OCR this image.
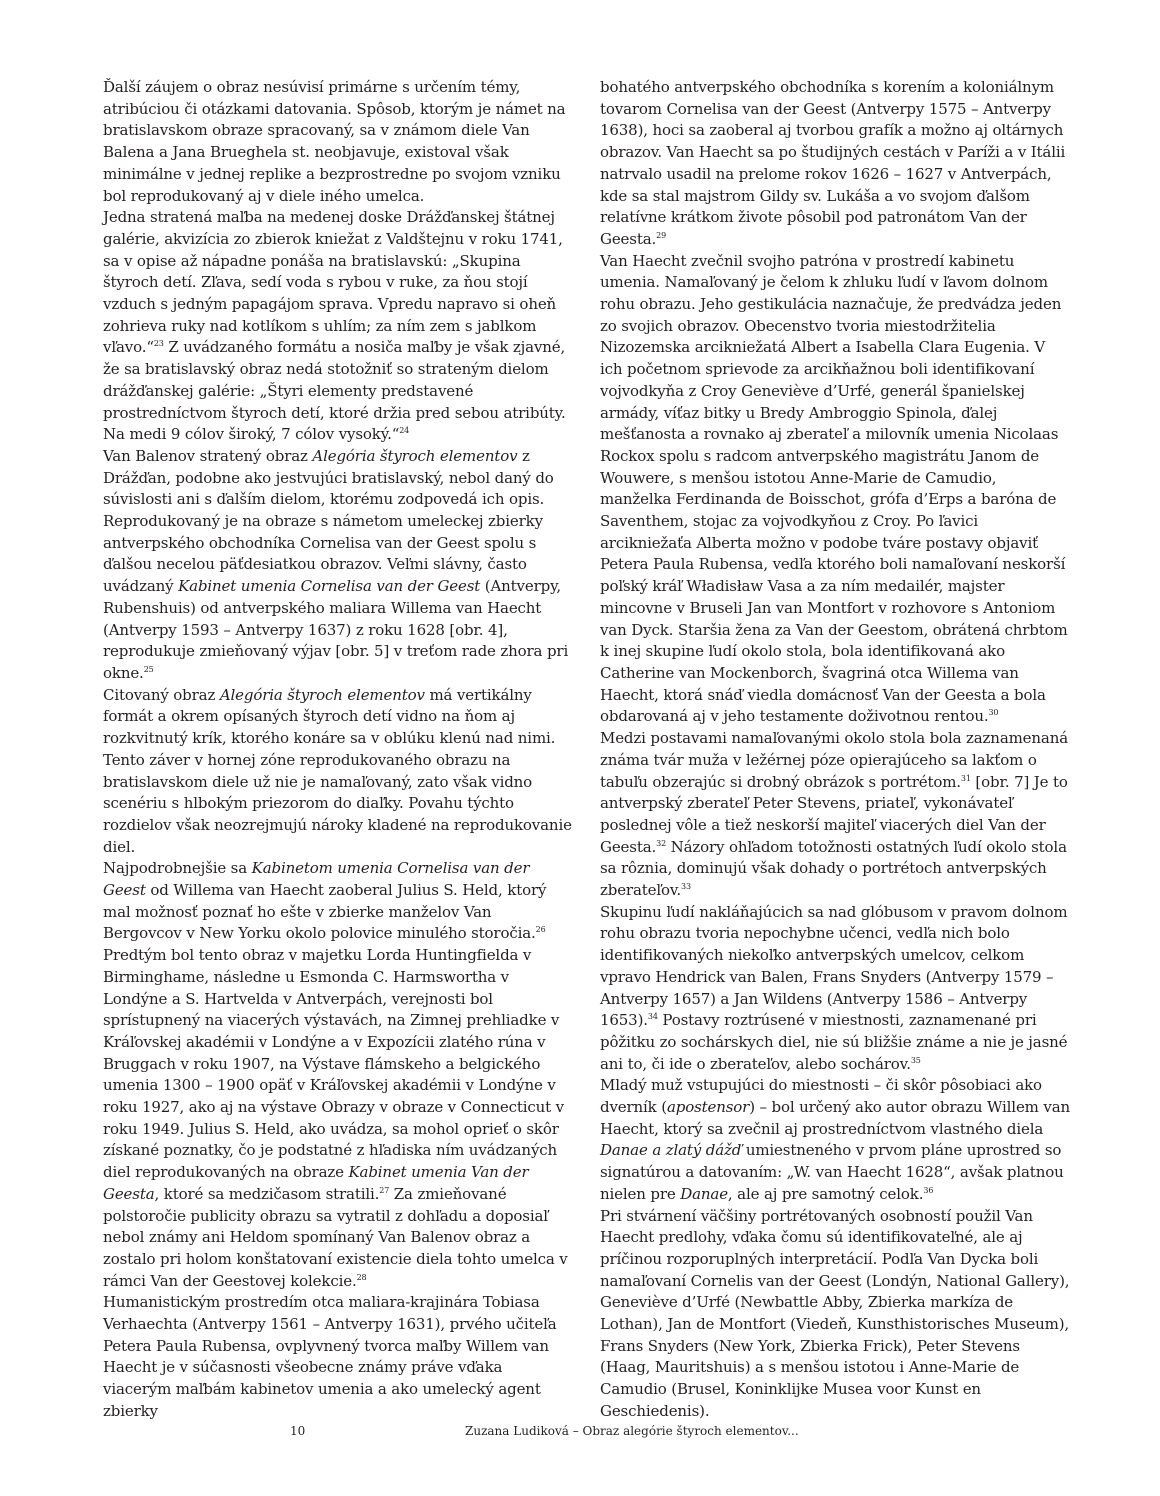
Ďalší záujem o obraz nesúvisí primárne s určením témy, atribúciou či otázkami datovania. Spôsob, ktorým je námet na bratislavskom obraze spracovaný, sa v známom diele Van Balena a Jana Brueghela st. neobjavuje, existoval však minimálne v jednej replike a bezprostredne po svojom vzniku bol reprodukovaný aj v diele iného umelca.

Jedna stratená maľba na medenej doske Drážďanskej štátnej galérie, akvizícia zo zbierok kniežat z Valdštejnu v roku 1741, sa v opise až nápadne ponáša na bratislavskú: „Skupina štyroch detí. Zľava, sedí voda s rybou v ruke, za ňou stojí vzduch s jedným papagájom sprava. Vpredu napravo si oheň zohrieva ruky nad kotlíkom s uhlím; za ním zem s jablkom vľavo.“$^{23}$ Z uvádzaného formátu a nosiča maľby je však zjavné, že sa bratislavský obraz nedá stotožniť so strateným dielom drážďanskej galérie: „Štyri elementy predstavené prostredníctvom štyroch detí, ktoré držia pred sebou atribúty. Na medi 9 cólov široký, 7 cólov vysoký.“$^{24}$

Van Balenov stratený obraz Alegória štyroch elementov z Drážďan, podobne ako jestvujúci bratislavský, nebol daný do súvislosti ani s ďalším dielom, ktorému zodpovedá ich opis. Reprodukovaný je na obraze s námetom umeleckej zbierky antverpského obchodníka Cornelisa van der Geest spolu s ďalšou necelou päťdesiatkou obrazov. Veľmi slávny, často uvádzaný Kabinet umenia Cornelisa van der Geest (Antverpy, Rubenshuis) od antverpského maliara Willema van Haecht (Antverpy 1593 – Antverpy 1637) z roku 1628 [obr. 4], reprodukuje zmieňovaný výjav [obr. 5] v treťom rade zhora pri okne.$^{25}$

Citovaný obraz Alegória štyroch elementov má vertikálny formát a okrem opísaných štyroch detí vidno na ňom aj rozkvitnutý krík, ktorého konáre sa v oblúku klenú nad nimi. Tento záver v hornej zóne reprodukovaného obrazu na bratislavskom diele už nie je namaľovaný, zato však vidno scenériu s hlbokým priezorom do diaľky. Povahu týchto rozdielov však neozrejmujú nároky kladené na reprodukovanie diel.

Najpodrobnejšie sa Kabinetom umenia Cornelisa van der Geest od Willema van Haecht zaoberal Julius S. Held, ktorý mal možnosť poznať ho ešte v zbierke manželov Van Bergovcov v New Yorku okolo polovice minulého storočia.$^{26}$ Predtým bol tento obraz v majetku Lorda Huntingfielda v Birminghame, následne u Esmonda C. Harmswortha v Londýne a S. Hartvelda v Antverpách, verejnosti bol sprístupnený na viacerých výstavách, na Zimnej prehliadke v Kráľovskej akadémii v Londýne a v Expozícii zlatého rúna v Bruggach v roku 1907, na Výstave flámskeho a belgického umenia 1300 – 1900 opäť v Kráľovskej akadémii v Londýne v roku 1927, ako aj na výstave Obrazy v obraze v Connecticut v roku 1949. Julius S. Held, ako uvádza, sa mohol oprieť o skôr získané poznatky, čo je podstatné z hľadiska ním uvádzaných diel reprodukovaných na obraze Kabinet umenia Van der Geesta, ktoré sa medzičasom stratili.$^{27}$ Za zmieňované polstoročie publicity obrazu sa vytratil z dohľadu a doposiaľ nebol známy ani Heldom spomínaný Van Balenov obraz a zostalo pri holom konštatovaní existencie diela tohto umelca v rámci Van der Geestovej kolekcie.$^{28}$

Humanistickým prostredím otca maliara-krajinára Tobiasa Verhaechta (Antverpy 1561 – Antverpy 1631), prvého učiteľa Petera Paula Rubensa, ovplyvnený tvorca maľby Willem van Haecht je v súčasnosti všeobecne známy práve vďaka viacerým maľbám kabinetov umenia a ako umelecký agent zbierky

bohatého antverpského obchodníka s korením a koloniálnym tovarom Cornelisa van der Geest (Antverpy 1575 – Antverpy 1638), hoci sa zaoberal aj tvorbou grafík a možno aj oltárnych obrazov. Van Haecht sa po študijných cestách v Paríži a v Itálii natrvalo usadil na prelome rokov 1626 – 1627 v Antverpách, kde sa stal majstrom Gildy sv. Lukáša a vo svojom ďalšom relatívne krátkom živote pôsobil pod patronátom Van der Geesta.$^{29}$

Van Haecht zvečnil svojho patróna v prostredí kabinetu umenia. Namaľovaný je čelom k zhluku ľudí v ľavom dolnom rohu obrazu. Jeho gestikulácia naznačuje, že predvádza jeden zo svojich obrazov. Obecenstvo tvoria miestodržitelia Nizozemska arcikniežatá Albert a Isabella Clara Eugenia. V ich početnom sprievode za arcikňažnou boli identifikovaní vojvodkyňa z Croy Geneviève d’Urfé, generál španielskej armády, víťaz bitky u Bredy Ambroggio Spinola, ďalej mešťanosta a rovnako aj zberateľ a milovník umenia Nicolaas Rockox spolu s radcom antverpského magistrátu Janom de Wouwere, s menšou istotou Anne-Marie de Camudio, manželka Ferdinanda de Boisschot, grófa d’Erps a baróna de Saventhem, stojac za vojvodkyňou z Croy. Po ľavici arcikniežaťa Alberta možno v podobe tváre postavy objaviť Petera Paula Rubensa, vedľa ktorého boli namaľovaní neskorší poľský kráľ Władisław Vasa a za ním medailér, majster mincovne v Bruseli Jan van Montfort v rozhovore s Antoniom van Dyck. Staršia žena za Van der Geestom, obrátená chrbtom k inej skupine ľudí okolo stola, bola identifikovaná ako Catherine van Mockenborch, švagriná otca Willema van Haecht, ktorá snáď viedla domácnosť Van der Geesta a bola obdarovaná aj v jeho testamente doživotnou rentou.$^{30}$

Medzi postavami namaľovanými okolo stola bola zaznamenaná známa tvár muža v ležérnej póze opierajúceho sa lakťom o tabuľu obzerajúc si drobný obrázok s portrétom.$^{31}$ [obr. 7] Je to antverpský zberateľ Peter Stevens, priateľ, vykonávateľ poslednej vôle a tiež neskorší majiteľ viacerých diel Van der Geesta.$^{32}$ Názory ohľadom totožnosti ostatných ľudí okolo stola sa rôznia, dominujú však dohady o portrétoch antverpských zberateľov.$^{33}$

Skupinu ľudí nakláňajúcich sa nad glóbusom v pravom dolnom rohu obrazu tvoria nepochybne učenci, vedľa nich bolo identifikovaných niekoľko antverpských umelcov, celkom vpravo Hendrick van Balen, Frans Snyders (Antverpy 1579 – Antverpy 1657) a Jan Wildens (Antverpy 1586 – Antverpy 1653).$^{34}$ Postavy roztrúsené v miestnosti, zaznamenané pri pôžitku zo sochárskych diel, nie sú bližšie známe a nie je jasné ani to, či ide o zberateľov, alebo sochárov.$^{35}$

Mladý muž vstupujúci do miestnosti – či skôr pôsobiaci ako dverník (apostensor) – bol určený ako autor obrazu Willem van Haecht, ktorý sa zvečnil aj prostredníctvom vlastného diela Danae a zlatý dážď umiestneného v prvom pláne uprostred so signatúrou a datovaním: „W. van Haecht 1628“, avšak platnou nielen pre Danae, ale aj pre samotný celok.$^{36}$

Pri stvárnení väčšiny portrétovaných osobností použil Van Haecht predlohy, vďaka čomu sú identifikovateľné, ale aj príčinou rozporuplných interpretácií. Podľa Van Dycka boli namaľovaní Cornelis van der Geest (Londýn, National Gallery), Geneviève d’Urfé (Newbattle Abby, Zbierka markíza de Lothan), Jan de Montfort (Viedeň, Kunsthistorisches Museum), Frans Snyders (New York, Zbierka Frick), Peter Stevens (Haag, Mauritshuis) a s menšou istotou i Anne-Marie de Camudio (Brusel, Koninklijke Musea voor Kunst en Geschiedenis).

10	Zuzana Ludiková – Obraz alegórie štyroch elementov...
